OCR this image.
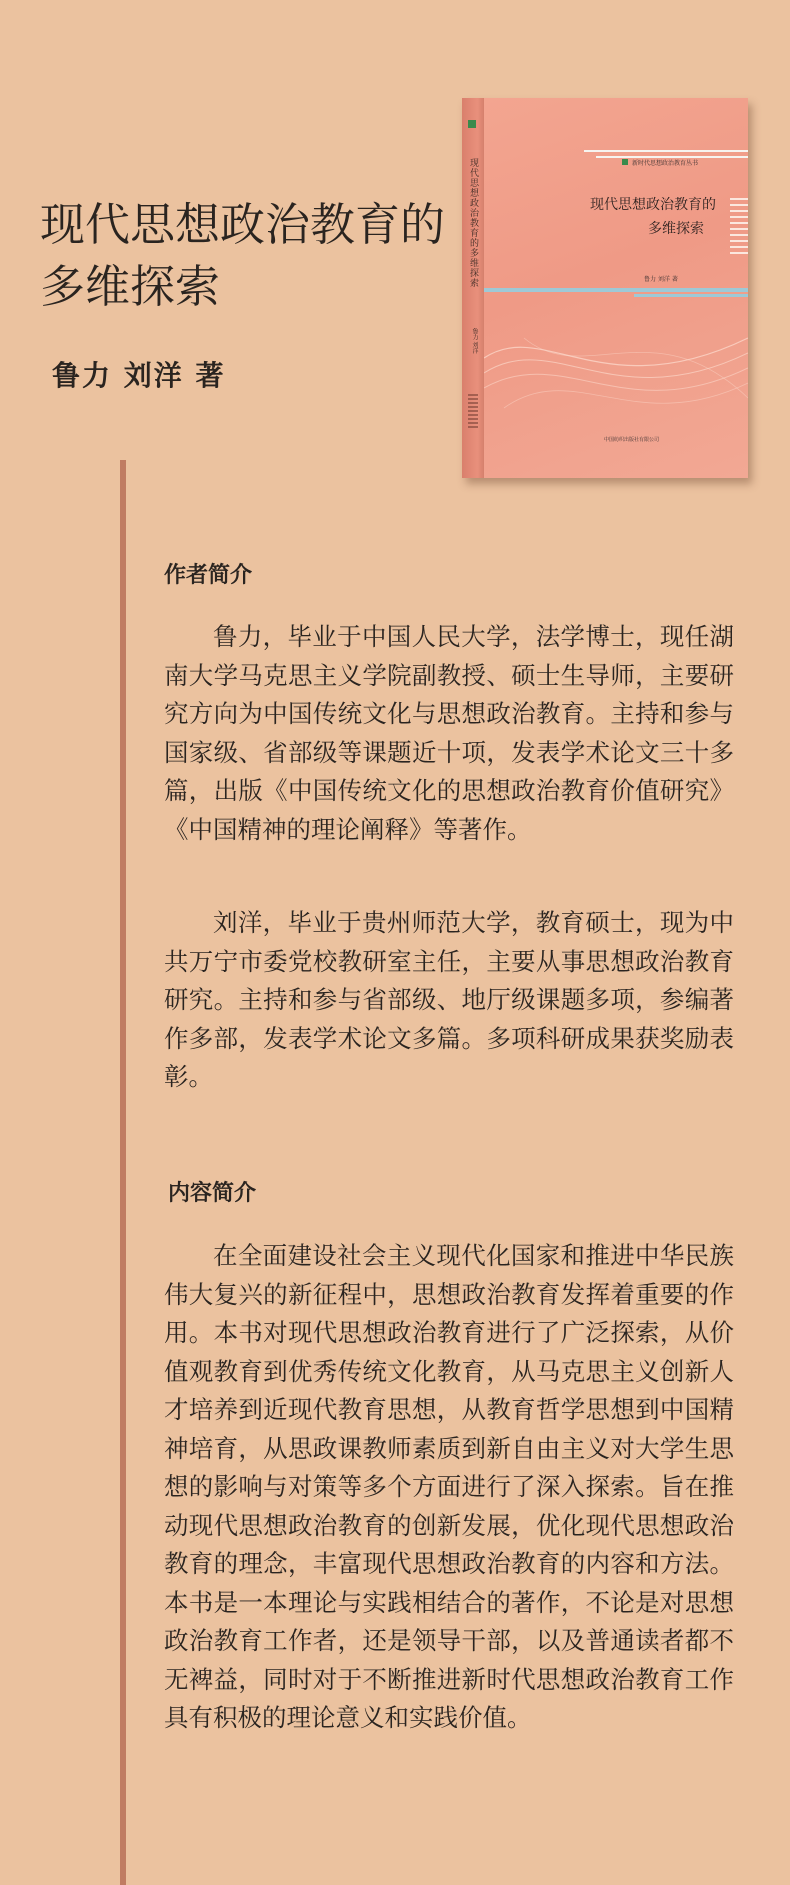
现代思想政治教育的
多维探索
鲁力 刘洋 著
现代思想政治教育的多维探索
鲁力 刘洋
新时代思想政治教育丛书
现代思想政治教育的
多维探索
鲁力 刘洋 著
中国纺织出版社有限公司
作者简介

鲁力，毕业于中国人民大学，法学博士，现任湖南大学马克思主义学院副教授、硕士生导师，主要研究方向为中国传统文化与思想政治教育。主持和参与国家级、省部级等课题近十项，发表学术论文三十多篇，出版《中国传统文化的思想政治教育价值研究》《中国精神的理论阐释》等著作。

刘洋，毕业于贵州师范大学，教育硕士，现为中共万宁市委党校教研室主任，主要从事思想政治教育研究。主持和参与省部级、地厅级课题多项，参编著作多部，发表学术论文多篇。多项科研成果获奖励表彰。

内容简介

在全面建设社会主义现代化国家和推进中华民族伟大复兴的新征程中，思想政治教育发挥着重要的作用。本书对现代思想政治教育进行了广泛探索，从价值观教育到优秀传统文化教育，从马克思主义创新人才培养到近现代教育思想，从教育哲学思想到中国精神培育，从思政课教师素质到新自由主义对大学生思想的影响与对策等多个方面进行了深入探索。旨在推动现代思想政治教育的创新发展，优化现代思想政治教育的理念，丰富现代思想政治教育的内容和方法。本书是一本理论与实践相结合的著作，不论是对思想政治教育工作者，还是领导干部，以及普通读者都不无裨益，同时对于不断推进新时代思想政治教育工作具有积极的理论意义和实践价值。
